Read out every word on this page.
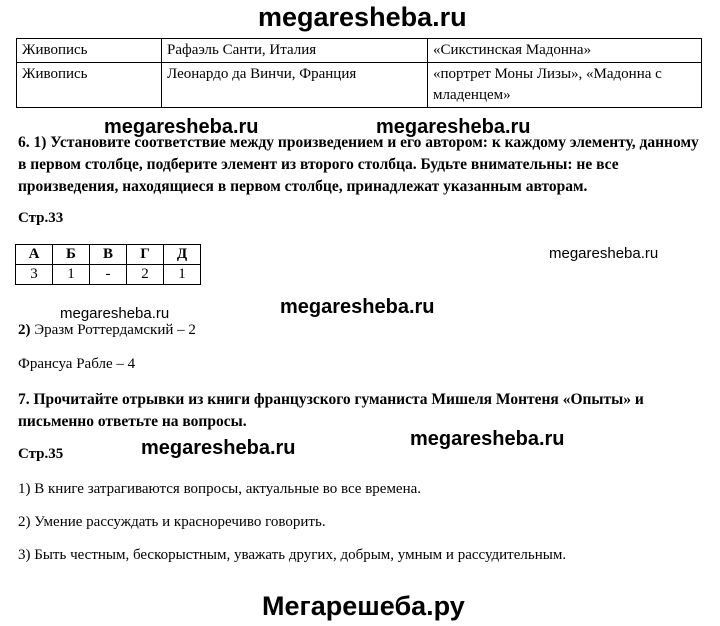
megaresheba.ru
Живопись	Рафаэль Санти, Италия	«Сикстинская Мадонна»
Живопись	Леонардо да Винчи, Франция	«портрет Моны Лизы», «Мадонна с младенцем»
megaresheba.ru	megaresheba.ru
6. 1) Установите соответствие между произведением и его автором: к каждому элементу, данному в первом столбце, подберите элемент из второго столбца. Будьте внимательны: не все произведения, находящиеся в первом столбце, принадлежат указанным авторам.
Стр.33
А	Б	В	Г	Д
3	1	-	2	1
megaresheba.ru
megaresheba.ru	megaresheba.ru
2) Эразм Роттердамский – 2
Франсуа Рабле – 4
7. Прочитайте отрывки из книги французского гуманиста Мишеля Монтеня «Опыты» и письменно ответьте на вопросы.
megaresheba.ru	megaresheba.ru
Стр.35
1) В книге затрагиваются вопросы, актуальные во все времена.
2) Умение рассуждать и красноречиво говорить.
3) Быть честным, бескорыстным, уважать других, добрым, умным и рассудительным.
Мегарешеба.ру
